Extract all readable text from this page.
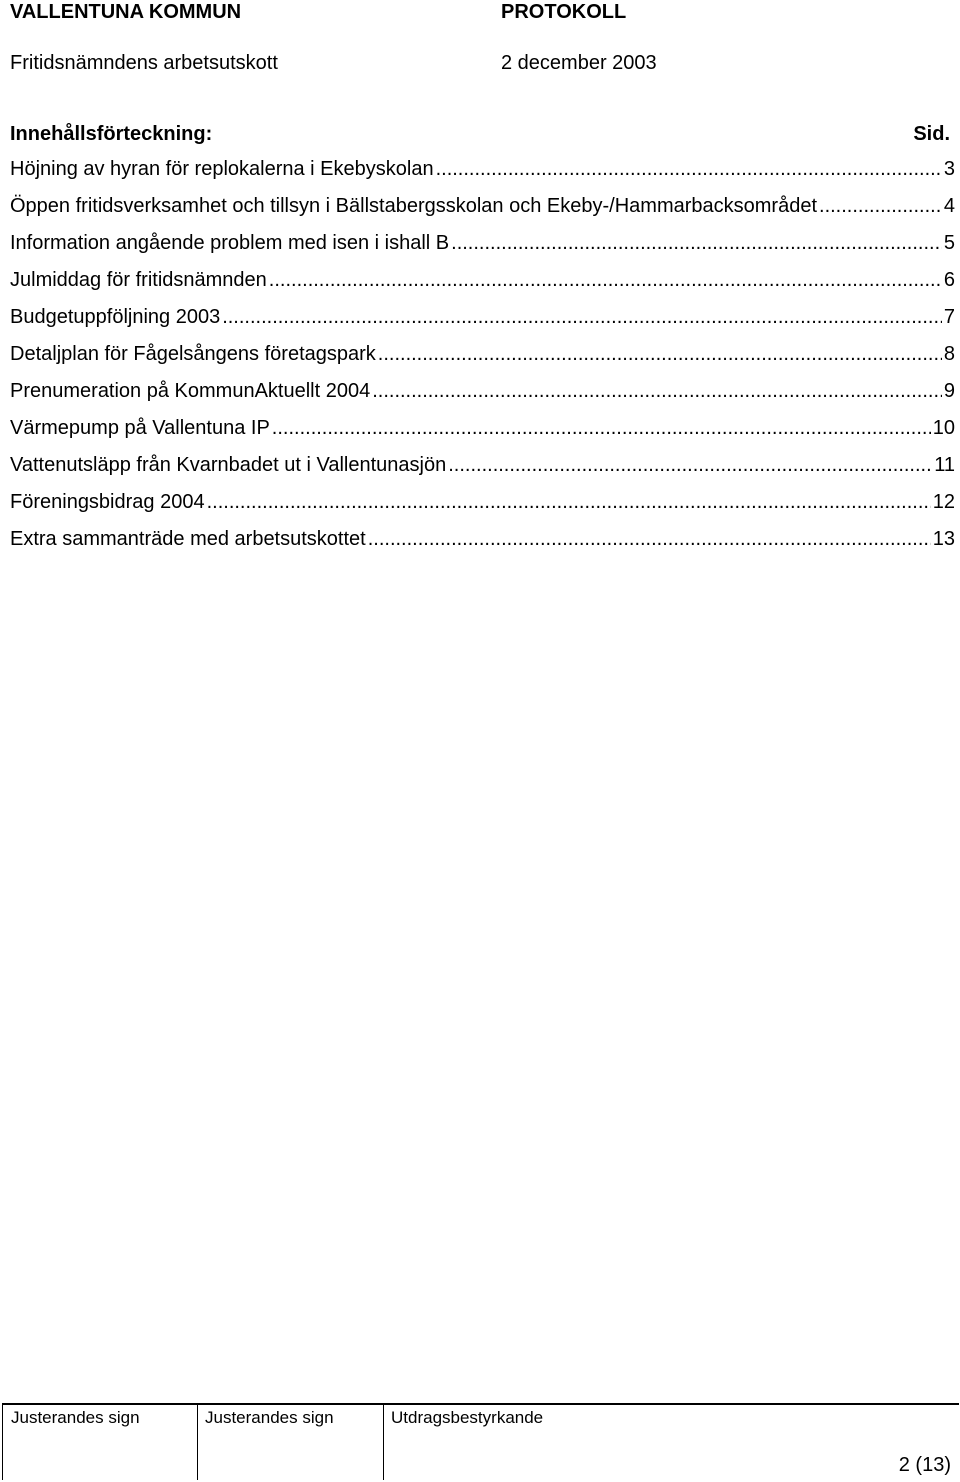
VALLENTUNA KOMMUN	PROTOKOLL
Fritidsnämndens arbetsutskott	2 december 2003
Innehållsförteckning:	Sid.
Höjning av hyran för replokalerna i Ekebyskolan .....	3
Öppen fritidsverksamhet och tillsyn i Bällstabergsskolan och Ekeby-/Hammarbacksområdet .....	4
Information angående problem med isen i ishall B .....	5
Julmiddag för fritidsnämnden .....	6
Budgetuppföljning 2003 .....	7
Detaljplan för Fågelsångens företagspark .....	8
Prenumeration på KommunAktuellt 2004 .....	9
Värmepump på Vallentuna IP .....	10
Vattenutsläpp från Kvarnbadet ut i Vallentunasjön .....	11
Föreningsbidrag 2004 .....	12
Extra sammanträde med arbetsutskottet .....	13
Justerandes sign	Justerandes sign	Utdragsbestyrkande
2 (13)
